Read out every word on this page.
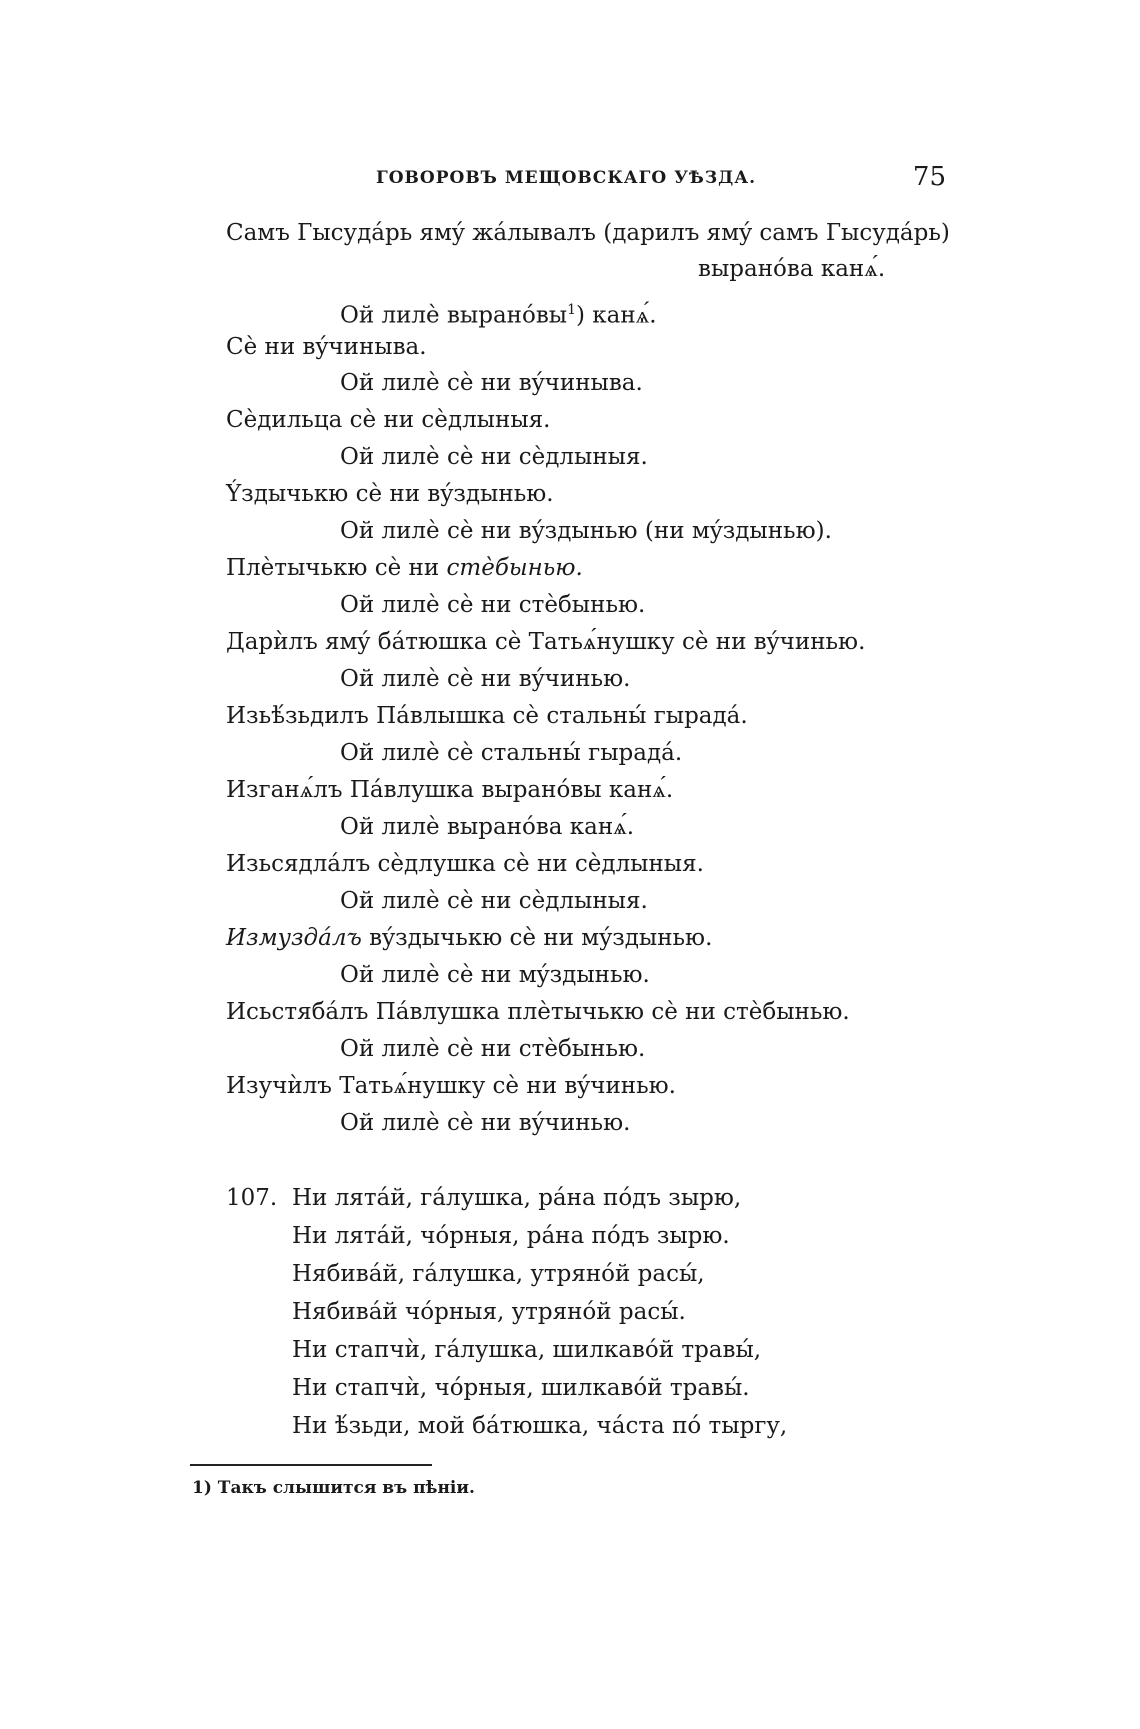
ГОВОРОВЪ МЕЩОВСКАГО УѢЗДА.	75
Самъ Гысудáрь ямý жáлывалъ (дарилъ ямý самъ Гысудáрь)
выранóва канѧ́.
Ой лилѐ выранóвы$^1$) канѧ́.
Сѐ ни вýчиныва.
Ой лилѐ сѐ ни вýчиныва.
Сѐдильца сѐ ни сѐдлыныя.
Ой лилѐ сѐ ни сѐдлыныя.
Ýздычькю сѐ ни вýздынью.
Ой лилѐ сѐ ни вýздынью (ни мýздынью).
Плѐтычькю сѐ ни стѐбынью.
Ой лилѐ сѐ ни стѐбынью.
Дарѝлъ ямý бáтюшка сѐ Татьѧ́нушку сѐ ни вýчинью.
Ой лилѐ сѐ ни вýчинью.
Изьѣ́зьдилъ Пáвлышка сѐ стальны́ гырадá.
Ой лилѐ сѐ стальны́ гырадá.
Изганѧ́лъ Пáвлушка выранóвы канѧ́.
Ой лилѐ выранóва канѧ́.
Изьсядлáлъ сѐдлушка сѐ ни сѐдлыныя.
Ой лилѐ сѐ ни сѐдлыныя.
Измуздáлъ вýздычькю сѐ ни мýздынью.
Ой лилѐ сѐ ни мýздынью.
Исьстябáлъ Пáвлушка плѐтычькю сѐ ни стѐбынью.
Ой лилѐ сѐ ни стѐбынью.
Изучѝлъ Татьѧ́нушку сѐ ни вýчинью.
Ой лилѐ сѐ ни вýчинью.
107. Ни лятáй, гáлушка, рáна пóдъ зырю,
Ни лятáй, чóрныя, рáна пóдъ зырю.
Нябивáй, гáлушка, утрянóй расы́,
Нябивáй чóрныя, утрянóй расы́.
Ни стапчѝ, гáлушка, шилкавóй травы́,
Ни стапчѝ, чóрныя, шилкавóй травы́.
Ни ѣ́зьди, мой бáтюшка, чáста пó тыргу,
1) Такъ слышится въ пѣніи.
